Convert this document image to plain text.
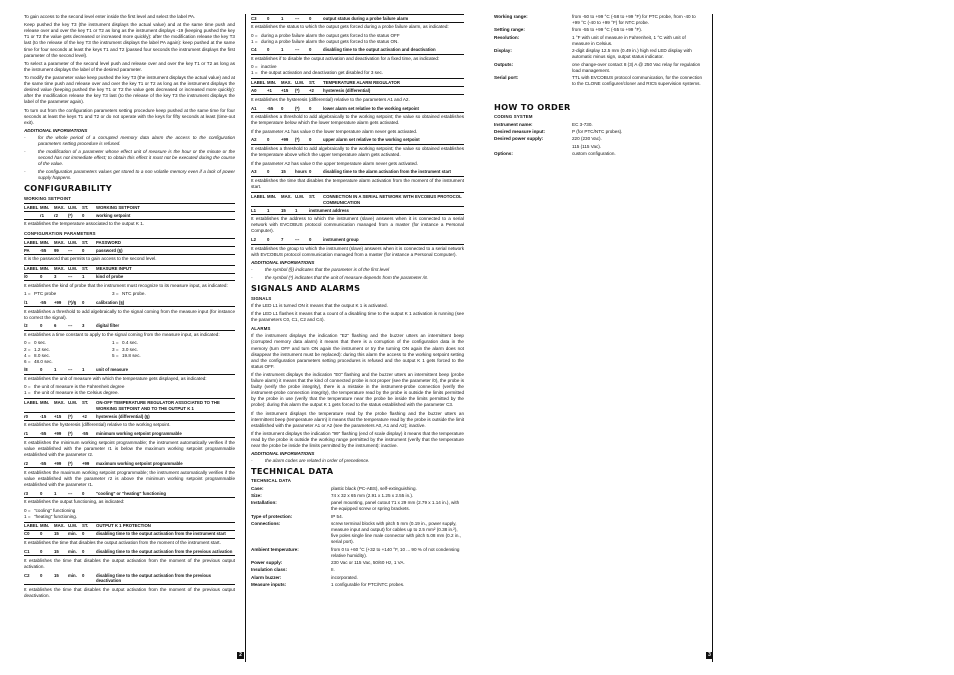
To gain access to the second level enter inside the first level and select the label PA.

Keep pushed the key T3 (the instrument displays the actual value) and at the same time push and release over and over the key T1 or T2 as long as the instrument displays -19 (keeping pushed the key T1 or T2 the value gets decreased or increased more quickly): after the modification release the key T3 last (to the release of the key T3 the instrument displays the label PA again): keep pushed at the same time for four seconds at least the keys T1 and T2 (passed four seconds the instrument displays the first parameter of the second level).

To select a parameter of the second level push and release over and over the key T1 or T2 as long as the instrument displays the label of the desired parameter.

To modify the parameter value keep pushed the key T3 (the instrument displays the actual value) and at the same time push and release over and over the key T1 or T2 as long as the instrument displays the desired value (keeping pushed the key T1 or T2 the value gets decreased or increased more quickly): after the modification release the key T3 last (to the release of the key T3 the instrument displays the label of the parameter again).

To turn out from the configuration parameters setting procedure keep pushed at the same time for four seconds at least the keys T1 and T2 or do not operate with the keys for fifty seconds at least (time-out exit).

ADDITIONAL INFORMATIONS
-	for the whole period of a corrupted memory data alarm the access to the configuration parameters setting procedure is refused.
-	the modification of a parameter whose effect unit of measure is the hour or the minute or the second has not immediate effect; to obtain this effect it must not be executed during the course of the value.
-	the configuration parameters values get stored to a non volatile memory even if a lack of power supply happens.
CONFIGURABILITY
WORKING SETPOINT
LABEL MIN.	MAX. U.M.	ST.	WORKING SETPOINT
r1	r2	(*)	0	working setpoint

It establishes the temperature associated to the output K 1.

CONFIGURATION PARAMETERS
LABEL MIN.	MAX. U.M.	ST.	PASSWORD
PA	-55	99	---	0	password (§)

It is the password that permits to gain access to the second level.

LABEL MIN.	MAX. U.M.	ST.	MEASURE INPUT
/0	0	3	---	1	kind of probe

It establishes the kind of probe that the instrument must recognize to its measure input, as indicated:

1 = PTC probe	3 = NTC probe.
/1	-55	+99	(*)/§	0	calibration (§)

It establishes a threshold to add algebraically to the signal coming from the measure input (for instance to correct the signal).

/2	0	6	---	3	digital filter

It establishes a time constant to apply to the signal coming from the measure input, as indicated:

0 = 0 sec.	1 = 0.4 sec.
2 = 1.2 sec.	3 = 3.0 sec.
4 = 8.0 sec.	5 = 19.8 sec.
6 = 48.0 sec.
/8	0	1	---	1	unit of measure

It establishes the unit of measure with which the temperature gets displayed, as indicated:

0 = the unit of measure is the Fahrenheit degree
1 = the unit of measure is the Celsius degree.
LABEL MIN.	MAX. U.M.	ST.	ON-OFF TEMPERATURE REGULATOR ASSOCIATED TO THE WORKING SETPOINT AND TO THE OUTPUT K 1
r0	-15	+15	(*)	+2	hysteresis (differential) (§)

It establishes the hysteresis (differential) relative to the working setpoint.

r1	-55	+99	(*)	-55	minimum working setpoint programmable

It establishes the minimum working setpoint programmable; the instrument automatically verifies if the value established with the parameter r1 is below the maximum working setpoint programmable established with the parameter r2.

r2	-55	+99	(*)	+99	maximum working setpoint programmable

It establishes the maximum working setpoint programmable; the instrument automatically verifies if the value established with the parameter r2 is above the minimum working setpoint programmable established with the parameter r1.

r3	0	1	---	0	"cooling" or "heating" functioning

It establishes the output functioning, as indicated:

0 = "cooling" functioning
1 = "heating" functioning.
LABEL MIN.	MAX. U.M.	ST.	OUTPUT K 1 PROTECTION
C0	0	15	min.	0	disabling time to the output activation from the instrument start

It establishes the time that disables the output activation from the moment of the instrument start.

C1	0	15	min.	0	disabling time to the output activation from the previous activation

It establishes the time that disables the output activation from the moment of the previous output activation.

C2	0	15	min.	0	disabling time to the output activation from the previous deactivation

It establishes the time that disables the output activation from the moment of the previous output deactivation.

C3	0	1	---	0	output status during a probe failure alarm

It establishes the status to which the output gets forced during a probe failure alarm, as indicated:

0 = during a probe failure alarm the output gets forced to the status OFF
1 = during a probe failure alarm the output gets forced to the status ON.
C4	0	1	---	0	disabling time to the output activation and deactivation

It establishes if to disable the output activation and deactivation for a fixed time, as indicated:

0 = inactive
1 = the output activation and deactivation get disabled for 3 sec.
LABEL MIN.	MAX. U.M.	ST.	TEMPERATURE ALARM REGULATOR
A0	+1	+15	(*)	+2	hysteresis (differential)

It establishes the hysteresis (differential) relative to the parameters A1 and A2.

A1	-55	0	(*)	0	lower alarm set relative to the working setpoint

It establishes a threshold to add algebraically to the working setpoint; the value so obtained establishes the temperature below which the lower temperature alarm gets activated.

If the parameter A1 has value 0 the lower temperature alarm never gets activated.

A2	0	+99	(*)	0	upper alarm set relative to the working setpoint

It establishes a threshold to add algebraically to the working setpoint; the value so obtained establishes the temperature above which the upper temperature alarm gets activated.

If the parameter A2 has value 0 the upper temperature alarm never gets activated.

A3	0	15	hours 0	disabling time to the alarm activation from the instrument start

It establishes the time that disables the temperature alarm activation from the moment of the instrument start.

LABEL MIN.	MAX. U.M.	ST.	CONNECTION IN A SERIAL NETWORK WITH EVCOBUS PROTOCOL COMMUNICATION
L1	1	15	1	instrument address

It establishes the address to which the instrument (slave) answers when it is connected to a serial network with EVCOBUS protocol communication managed from a master (for instance a Personal Computer).

L2	0	7	---	0	instrument group

It establishes the group to which the instrument (slave) answers when it is connected to a serial network with EVCOBUS protocol communication managed from a master (for instance a Personal Computer).

ADDITIONAL INFORMATIONS
-	the symbol (§) indicates that the parameter is of the first level
-	the symbol (*) indicates that the unit of measure depends from the parameter /8.
SIGNALS AND ALARMS
SIGNALS

If the LED L1 is turned ON it means that the output K 1 is activated.

If the LED L1 flashes it means that a count of a disabling time to the output K 1 activation is running (see the parameters C0, C1, C2 and C4).

ALARMS

If the instrument displays the indication "E2" flashing and the buzzer utters an intermittent beep (corrupted memory data alarm) it means that there is a corruption of the configuration data in the memory (turn OFF and turn ON again the instrument or try the turning ON again the alarm does not disappear the instrument must be replaced): during this alarm the access to the working setpoint setting and the configuration parameters setting procedures is refused and the output K 1 gets forced to the status OFF.

If the instrument displays the indication "E0" flashing and the buzzer utters an intermittent beep (probe failure alarm) it means that the kind of connected probe is not proper (see the parameter /0), the probe is faulty (verify the probe integrity), there is a mistake in the instrument-probe connection (verify the instrument-probe connection integrity), the temperature read by the probe is outside the limits permitted by the probe in use (verify that the temperature near the probe be inside the limits permitted by the probe): during this alarm the output K 1 gets forced to the status established with the parameter C3.

If the instrument displays the temperature read by the probe flashing and the buzzer utters an intermittent beep (temperature alarm) it means that the temperature read by the probe is outside the limit established with the parameter A1 or A2 (see the parameters A0, A1 and A2); inactive.

If the instrument displays the indication "99" flashing (end of scale display) it means that the temperature read by the probe is outside the working range permitted by the instrument (verify that the temperature near the probe be inside the limits permitted by the instrument): inactive.

ADDITIONAL INFORMATIONS
-	the alarm codes are related in order of precedence.
TECHNICAL DATA
TECHNICAL DATA
Case:	plastic black (PC-ABS), self-extinguishing.
Size:	74 x 32 x 65 mm (2.91 x 1.25 x 2.55 in.).
Installation:	panel mounting, panel cutout 71 x 29 mm (2.79 x 1.14 in.), with the equipped screw or spring brackets.
Type of protection:	IP 54.
Connections:	screw terminal blocks with pitch 5 mm (0.19 in., power supply, measure input and output) for cables up to 2.5 mm² (0.38 in.²), five poles single line male connector with pitch 5.08 mm (0.2 in., serial port).
Ambient temperature:	from 0 to +60 °C (+32 to +140 °F, 10 ... 90 % of not condensing relative humidity).
Power supply:	230 Vac or 115 Vac, 50/60 Hz, 1 VA.
Insulation class:	II.
Alarm buzzer:	incorporated.
Measure inputs:	1 configurable for PTC/NTC probes.
Working range:	from -50 to +99 °C (-58 to +99 °F) for PTC probe, from -40 to +99 °C (-40 to +99 °F) for NTC probe.
Setting range:	from -55 to +99 °C (-55 to +99 °F).
Resolution:	1 °F with unit of measure in Fahrenheit, 1 °C with unit of measure in Celsius.
Display:	2-digit display 12.5 mm (0.49 in.) high red LED display with automatic minus sign, output status indicator.
Outputs:	one change-over contact 8 (3) A @ 250 Vac relay for regulation load management.
Serial port:	TTL with EVCOBUS protocol communication, for the connection to the CLONE configurer/cloner and RIC5 supervision systems.
HOW TO ORDER
CODING SYSTEM
Instrument name:	EC 3-730.
Desired measure input:	P (for PTC/NTC probes).
Desired power supply:	220 (230 Vac).
115 (115 Vac).
Options:	custom configuration.
2	3
